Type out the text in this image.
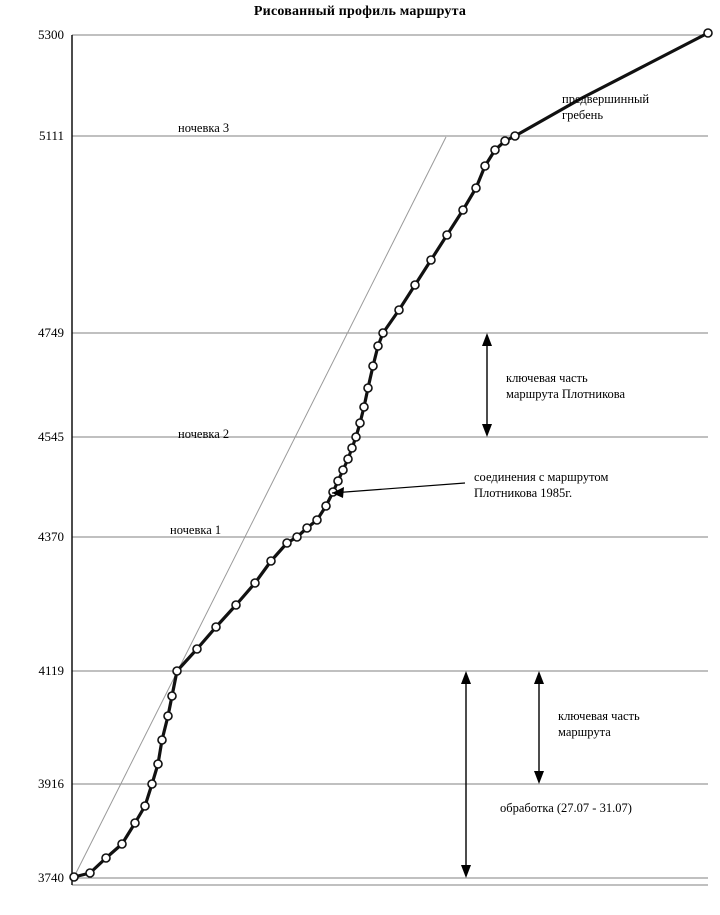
Рисованный профиль маршрута
5300
5111
4749
4545
4370
4119
3916
3740
ночевка 3
предвершинный
гребень
ключевая часть
маршрута Плотникова
ночевка 2
соединения с маршрутом
Плотникова 1985г.
ночевка 1
ключевая часть
маршрута
обработка (27.07 - 31.07)
